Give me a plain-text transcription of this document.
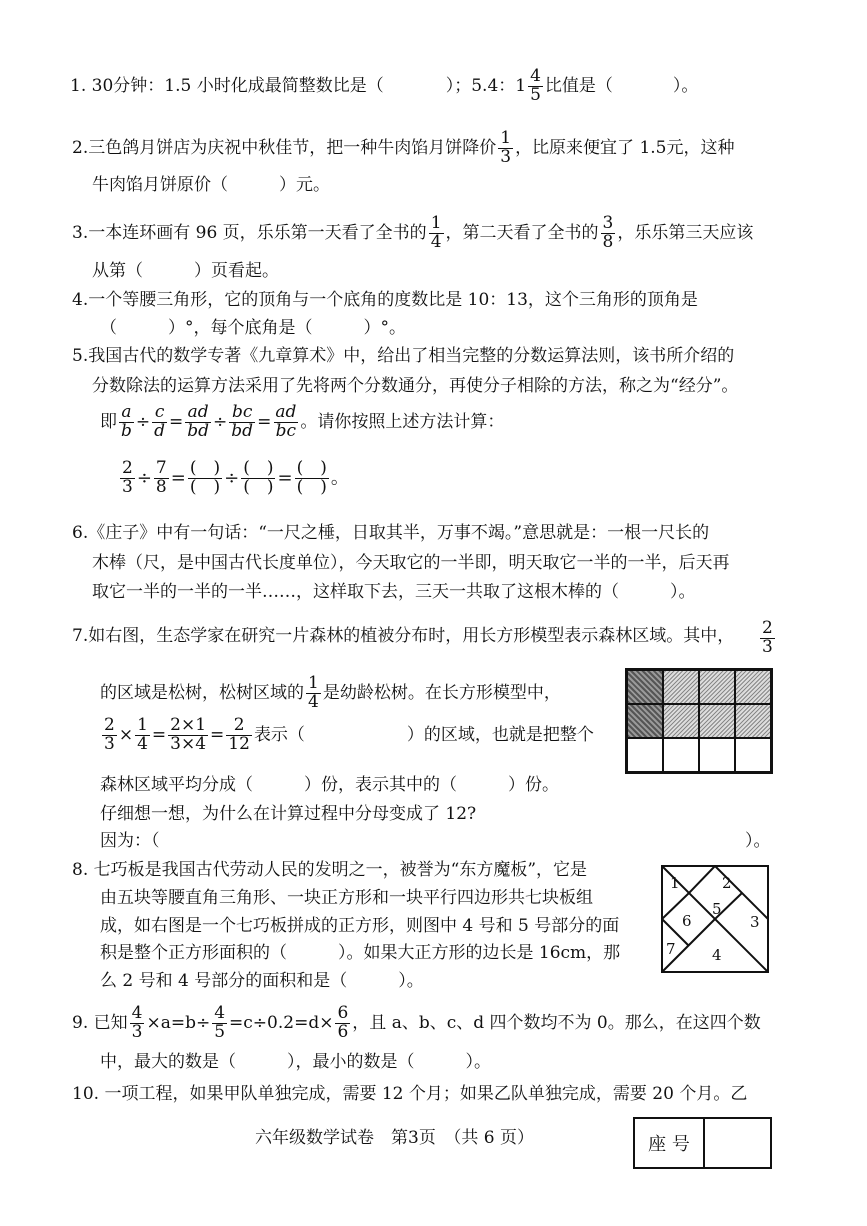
1. 30分钟：1.5 小时化成最简整数比是（	）；5.4：$1 \frac{4}{5}$ 比值是（	）。
2.三色鸽月饼店为庆祝中秋佳节，把一种牛肉馅月饼降价 $\frac{1}{3}$ ，比原来便宜了 1.5元，这种
牛肉馅月饼原价（　　　）元。
3.一本连环画有 96 页，乐乐第一天看了全书的 $\frac{1}{4}$ ，第二天看了全书的 $\frac{3}{8}$ ，乐乐第三天应该
从第（　　　）页看起。
4.一个等腰三角形，它的顶角与一个底角的度数比是 10：13，这个三角形的顶角是
（　　　）°，每个底角是（　　　）°。
5.我国古代的数学专著《九章算术》中，给出了相当完整的分数运算法则，该书所介绍的
分数除法的运算方法采用了先将两个分数通分，再使分子相除的方法，称之为“经分”。
即 $\frac{a}{b} \div \frac{c}{d} = \frac{ad}{bd} \div \frac{bc}{bd} = \frac{ad}{bc}$ 。请你按照上述方法计算：
$\frac{2}{3} \div \frac{7}{8} = \frac{( )}{( )} \div \frac{( )}{( )} = \frac{( )}{( )}$ 。
6.《庄子》中有一句话：“一尺之棰，日取其半，万事不竭。”意思就是：一根一尺长的
木棒（尺，是中国古代长度单位），今天取它的一半即，明天取它一半的一半，后天再
取它一半的一半的一半……，这样取下去，三天一共取了这根木棒的（　　　）。
7.如右图，生态学家在研究一片森林的植被分布时，用长方形模型表示森林区域。其中， $\frac{2}{3}$
的区域是松树，松树区域的 $\frac{1}{4}$ 是幼龄松树。在长方形模型中，
$\frac{2}{3} \times \frac{1}{4} = \frac{2\times 1}{3\times 4} = \frac{2}{12}$ 表示（　　　　　　）的区域，也就是把整个
森林区域平均分成（　　　）份，表示其中的（　　　）份。
仔细想一想，为什么在计算过程中分母变成了 12?
因为：（	）。
8. 七巧板是我国古代劳动人民的发明之一，被誉为“东方魔板”，它是
由五块等腰直角三角形、一块正方形和一块平行四边形共七块板组
成，如右图是一个七巧板拼成的正方形，则图中 4 号和 5 号部分的面
积是整个正方形面积的（　　　）。如果大正方形的边长是 16cm，那
么 2 号和 4 号部分的面积和是（　　　）。
1	2
3
4
5
6
7
9. 已知 $\frac{4}{3} \times a=b\div \frac{4}{5} =c\div 0.2=d\times \frac{6}{6}$ ，且 a、b、c、d 四个数均不为 0。那么，在这四个数
中，最大的数是（　　　），最小的数是（　　　）。
10. 一项工程，如果甲队单独完成，需要 12 个月；如果乙队单独完成，需要 20 个月。乙
六年级数学试卷　第3页　（共 6 页）	座 号
